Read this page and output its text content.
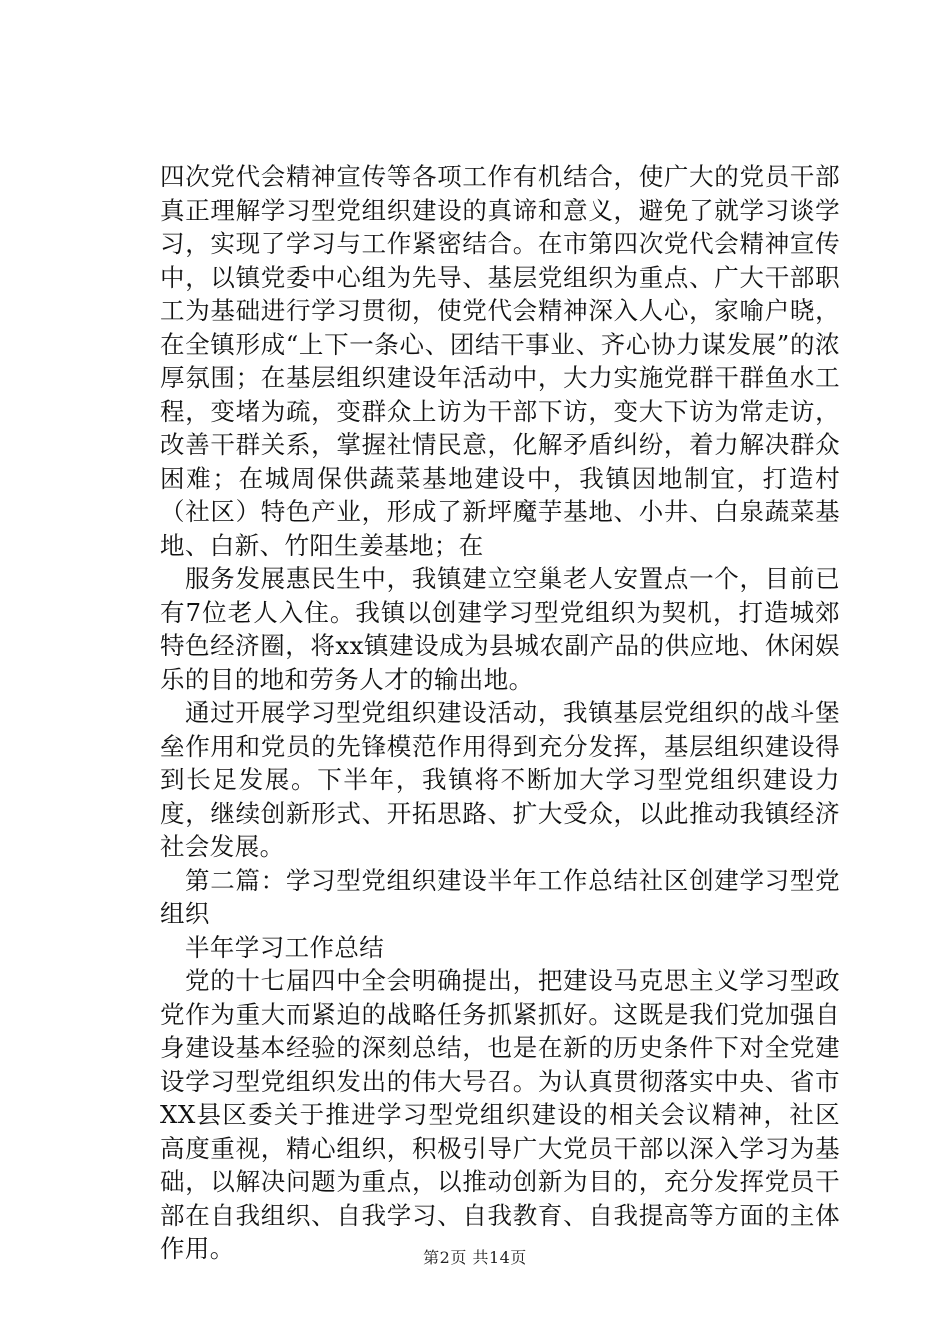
四次党代会精神宣传等各项工作有机结合，使广大的党员干部真正理解学习型党组织建设的真谛和意义，避免了就学习谈学习，实现了学习与工作紧密结合。在市第四次党代会精神宣传中，以镇党委中心组为先导、基层党组织为重点、广大干部职工为基础进行学习贯彻，使党代会精神深入人心，家喻户晓，在全镇形成“上下一条心、团结干事业、齐心协力谋发展”的浓厚氛围；在基层组织建设年活动中，大力实施党群干群鱼水工程，变堵为疏，变群众上访为干部下访，变大下访为常走访，改善干群关系，掌握社情民意，化解矛盾纠纷，着力解决群众困难；在城周保供蔬菜基地建设中，我镇因地制宜，打造村（社区）特色产业，形成了新坪魔芋基地、小井、白泉蔬菜基地、白新、竹阳生姜基地；在

服务发展惠民生中，我镇建立空巢老人安置点一个，目前已有7位老人入住。我镇以创建学习型党组织为契机，打造城郊特色经济圈，将xx镇建设成为县城农副产品的供应地、休闲娱乐的目的地和劳务人才的输出地。

通过开展学习型党组织建设活动，我镇基层党组织的战斗堡垒作用和党员的先锋模范作用得到充分发挥，基层组织建设得到长足发展。下半年，我镇将不断加大学习型党组织建设力度，继续创新形式、开拓思路、扩大受众，以此推动我镇经济社会发展。

第二篇：学习型党组织建设半年工作总结社区创建学习型党组织

半年学习工作总结

党的十七届四中全会明确提出，把建设马克思主义学习型政党作为重大而紧迫的战略任务抓紧抓好。这既是我们党加强自身建设基本经验的深刻总结，也是在新的历史条件下对全党建设学习型党组织发出的伟大号召。为认真贯彻落实中央、省市XX县区委关于推进学习型党组织建设的相关会议精神，社区高度重视，精心组织，积极引导广大党员干部以深入学习为基础，以解决问题为重点，以推动创新为目的，充分发挥党员干部在自我组织、自我学习、自我教育、自我提高等方面的主体作用。	第2页 共14页
